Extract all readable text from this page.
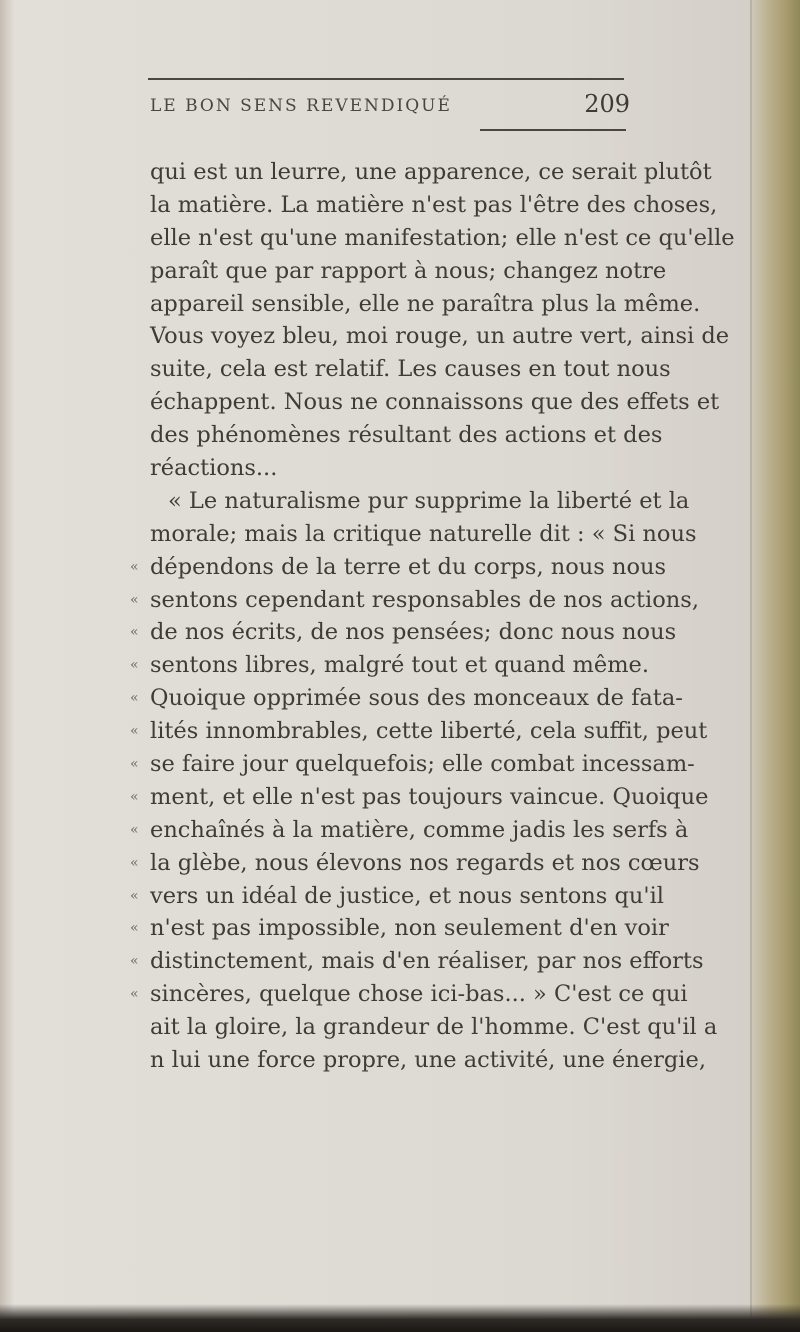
LE BON SENS REVENDIQUÉ	209
«
«
«
«
«
«
«
«
«
«
«
«
«
«
qui est un leurre, une apparence, ce serait plutôt
la matière. La matière n'est pas l'être des choses,
elle n'est qu'une manifestation; elle n'est ce qu'elle
paraît que par rapport à nous; changez notre
appareil sensible, elle ne paraîtra plus la même.
Vous voyez bleu, moi rouge, un autre vert, ainsi de
suite, cela est relatif. Les causes en tout nous
échappent. Nous ne connaissons que des effets et
des phénomènes résultant des actions et des
réactions...
« Le naturalisme pur supprime la liberté et la
morale; mais la critique naturelle dit : « Si nous
dépendons de la terre et du corps, nous nous
sentons cependant responsables de nos actions,
de nos écrits, de nos pensées; donc nous nous
sentons libres, malgré tout et quand même.
Quoique opprimée sous des monceaux de fata-
lités innombrables, cette liberté, cela suffit, peut
se faire jour quelquefois; elle combat incessam-
ment, et elle n'est pas toujours vaincue. Quoique
enchaînés à la matière, comme jadis les serfs à
la glèbe, nous élevons nos regards et nos cœurs
vers un idéal de justice, et nous sentons qu'il
n'est pas impossible, non seulement d'en voir
distinctement, mais d'en réaliser, par nos efforts
sincères, quelque chose ici-bas... » C'est ce qui
ait la gloire, la grandeur de l'homme. C'est qu'il a
n lui une force propre, une activité, une énergie,
